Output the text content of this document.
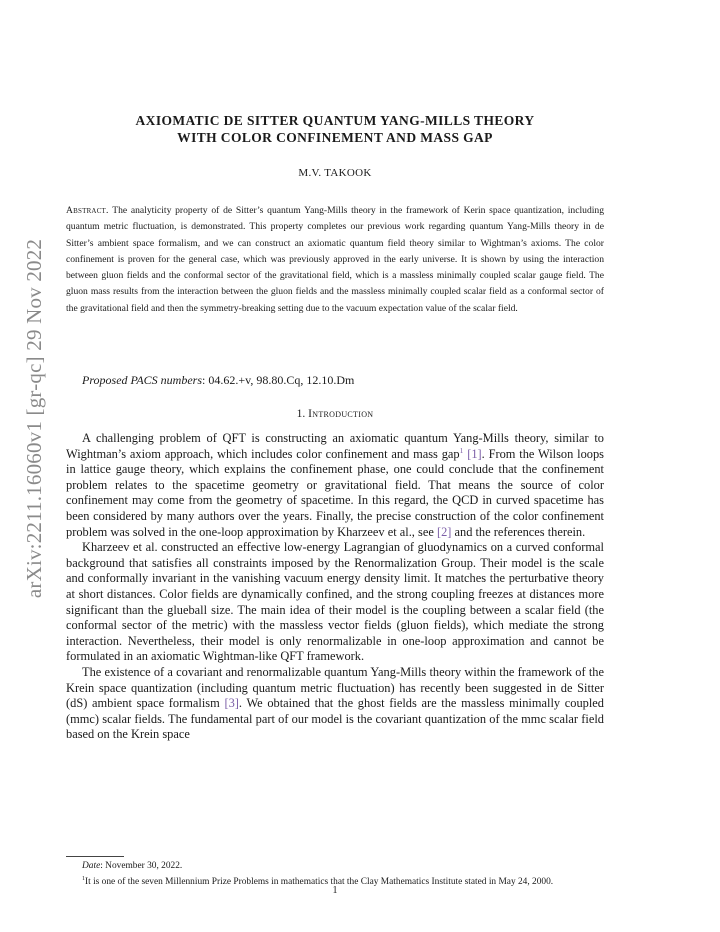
arXiv:2211.16060v1 [gr-qc] 29 Nov 2022
AXIOMATIC DE SITTER QUANTUM YANG-MILLS THEORY
WITH COLOR CONFINEMENT AND MASS GAP
M.V. TAKOOK
Abstract. The analyticity property of de Sitter’s quantum Yang-Mills theory in the framework of Kerin space quantization, including quantum metric fluctuation, is demonstrated. This property completes our previous work regarding quantum Yang-Mills theory in de Sitter’s ambient space formalism, and we can construct an axiomatic quantum field theory similar to Wightman’s axioms. The color confinement is proven for the general case, which was previously approved in the early universe. It is shown by using the interaction between gluon fields and the conformal sector of the gravitational field, which is a massless minimally coupled scalar gauge field. The gluon mass results from the interaction between the gluon fields and the massless minimally coupled scalar field as a conformal sector of the gravitational field and then the symmetry-breaking setting due to the vacuum expectation value of the scalar field.
Proposed PACS numbers: 04.62.+v, 98.80.Cq, 12.10.Dm
1. Introduction

A challenging problem of QFT is constructing an axiomatic quantum Yang-Mills theory, similar to Wightman’s axiom approach, which includes color confinement and mass gap$^1$ [1]. From the Wilson loops in lattice gauge theory, which explains the confinement phase, one could conclude that the confinement problem relates to the spacetime geometry or gravitational field. That means the source of color confinement may come from the geometry of spacetime. In this regard, the QCD in curved spacetime has been considered by many authors over the years. Finally, the precise construction of the color confinement problem was solved in the one-loop approximation by Kharzeev et al., see [2] and the references therein.

Kharzeev et al. constructed an effective low-energy Lagrangian of gluodynamics on a curved conformal background that satisfies all constraints imposed by the Renormalization Group. Their model is the scale and conformally invariant in the vanishing vacuum energy density limit. It matches the perturbative theory at short distances. Color fields are dynamically confined, and the strong coupling freezes at distances more significant than the glueball size. The main idea of their model is the coupling between a scalar field (the conformal sector of the metric) with the massless vector fields (gluon fields), which mediate the strong interaction. Nevertheless, their model is only renormalizable in one-loop approximation and cannot be formulated in an axiomatic Wightman-like QFT framework.

The existence of a covariant and renormalizable quantum Yang-Mills theory within the framework of the Krein space quantization (including quantum metric fluctuation) has recently been suggested in de Sitter (dS) ambient space formalism [3]. We obtained that the ghost fields are the massless minimally coupled (mmc) scalar fields. The fundamental part of our model is the covariant quantization of the mmc scalar field based on the Krein space

Date: November 30, 2022.

$^1$It is one of the seven Millennium Prize Problems in mathematics that the Clay Mathematics Institute stated in May 24, 2000.

1
